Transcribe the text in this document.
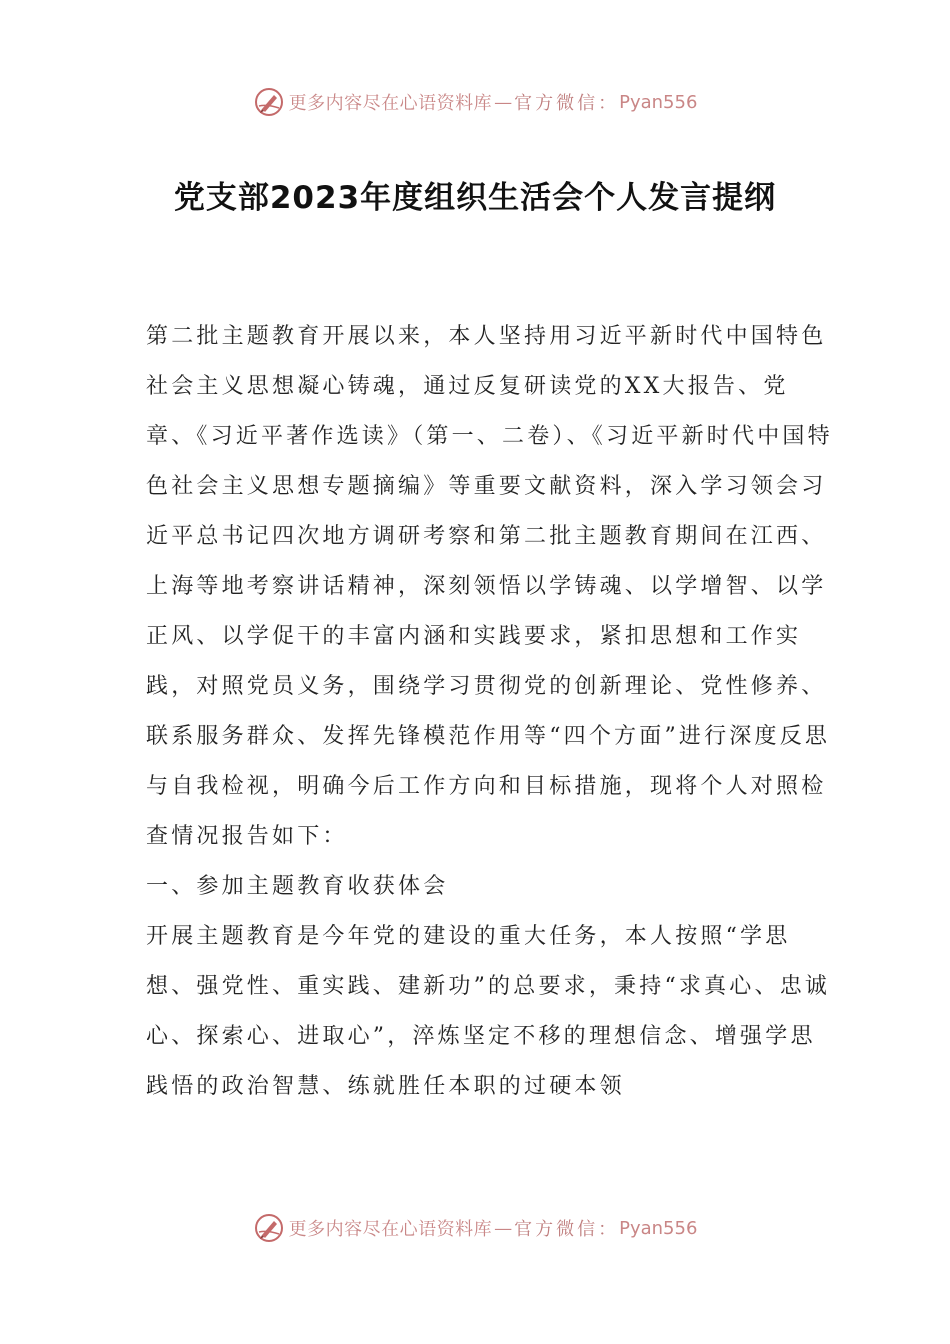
更多内容尽在心语资料库 — 官方微信： Pyan556
党支部2023年度组织生活会个人发言提纲

第二批主题教育开展以来，本人坚持用习近平新时代中国特色社会主义思想凝心铸魂，通过反复研读党的XX大报告、党章、《习近平著作选读》（第一、二卷）、《习近平新时代中国特色社会主义思想专题摘编》等重要文献资料，深入学习领会习近平总书记四次地方调研考察和第二批主题教育期间在江西、上海等地考察讲话精神，深刻领悟以学铸魂、以学增智、以学正风、以学促干的丰富内涵和实践要求，紧扣思想和工作实践，对照党员义务，围绕学习贯彻党的创新理论、党性修养、联系服务群众、发挥先锋模范作用等“四个方面”进行深度反思与自我检视，明确今后工作方向和目标措施，现将个人对照检查情况报告如下：

一、参加主题教育收获体会

开展主题教育是今年党的建设的重大任务，本人按照“学思想、强党性、重实践、建新功”的总要求，秉持“求真心、忠诚心、探索心、进取心”，淬炼坚定不移的理想信念、增强学思践悟的政治智慧、练就胜任本职的过硬本领

更多内容尽在心语资料库 — 官方微信： Pyan556
